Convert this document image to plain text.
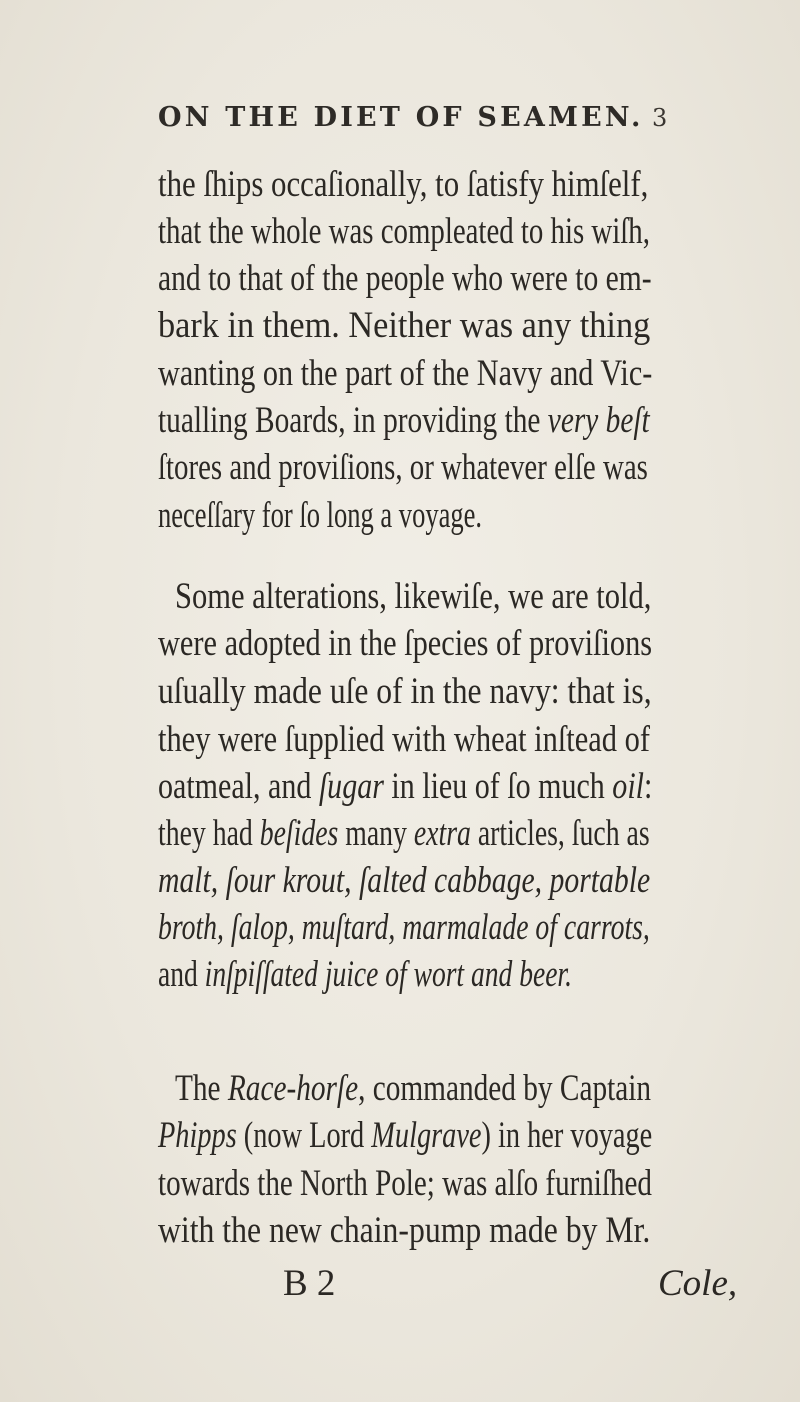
ON THE DIET OF SEAMEN. 3
the ſhips occaſionally, to ſatisfy himſelf,
that the whole was compleated to his wiſh,
and to that of the people who were to em-
bark in them. Neither was any thing
wanting on the part of the Navy and Vic-
tualling Boards, in providing the very beſt
ſtores and proviſions, or whatever elſe was
neceſſary for ſo long a voyage.
Some alterations, likewiſe, we are told,
were adopted in the ſpecies of proviſions
uſually made uſe of in the navy: that is,
they were ſupplied with wheat inſtead of
oatmeal, and ſugar in lieu of ſo much oil:
they had beſides many extra articles, ſuch as
malt, ſour krout, ſalted cabbage, portable
broth, ſalop, muſtard, marmalade of carrots,
and inſpiſſated juice of wort and beer.
The Race-horſe, commanded by Captain
Phipps (now Lord Mulgrave) in her voyage
towards the North Pole; was alſo furniſhed
with the new chain-pump made by Mr.
B 2	Cole,
